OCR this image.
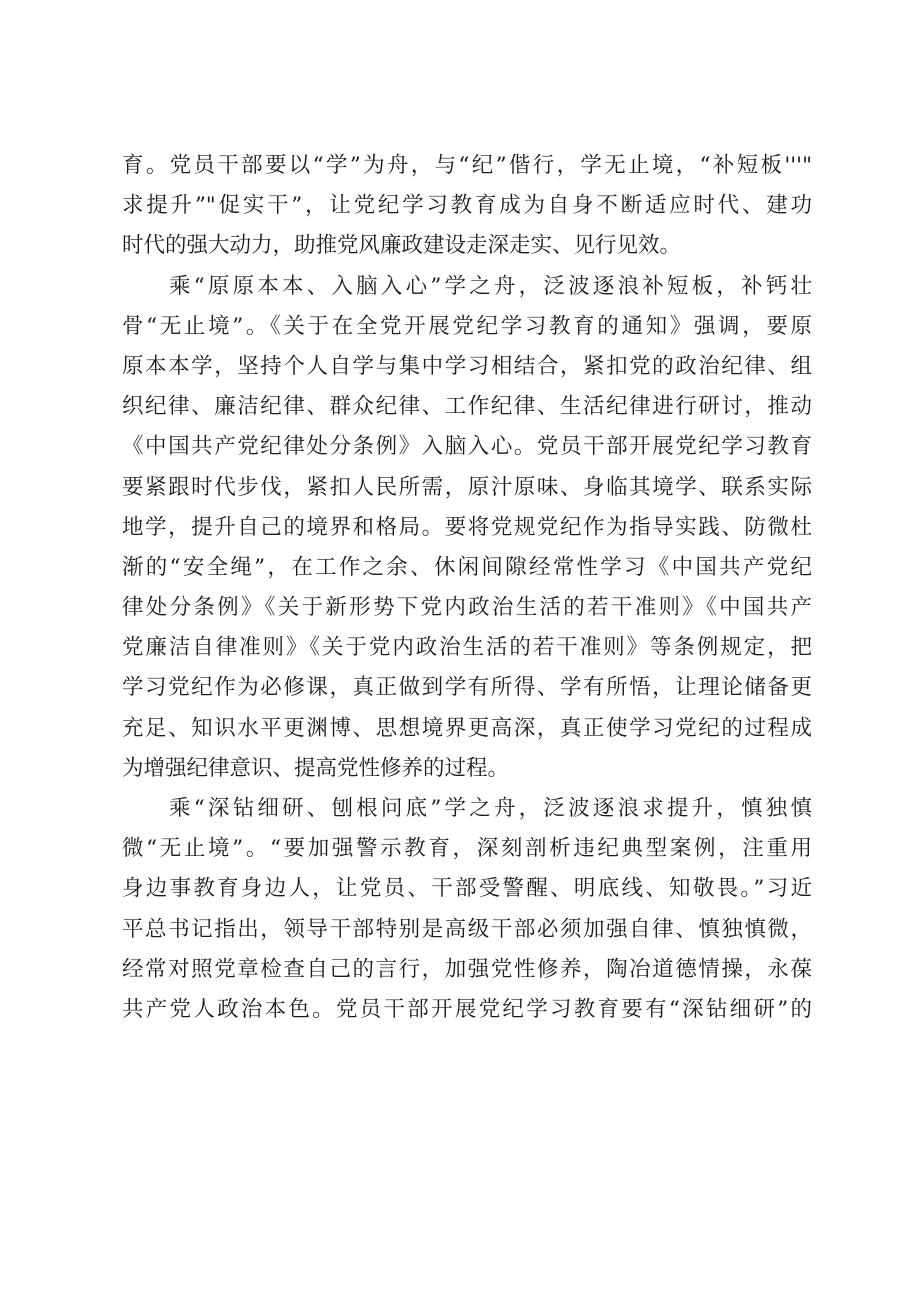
育。党员干部要以“学”为舟，与“纪”偕行，学无止境，“补短板'''"
求提升”"促实干”，让党纪学习教育成为自身不断适应时代、建功
时代的强大动力，助推党风廉政建设走深走实、见行见效。
乘“原原本本、入脑入心”学之舟，泛波逐浪补短板，补钙壮
骨“无止境”。《关于在全党开展党纪学习教育的通知》强调，要原
原本本学，坚持个人自学与集中学习相结合，紧扣党的政治纪律、组
织纪律、廉洁纪律、群众纪律、工作纪律、生活纪律进行研讨，推动
《中国共产党纪律处分条例》入脑入心。党员干部开展党纪学习教育
要紧跟时代步伐，紧扣人民所需，原汁原味、身临其境学、联系实际
地学，提升自己的境界和格局。要将党规党纪作为指导实践、防微杜
渐的“安全绳”，在工作之余、休闲间隙经常性学习《中国共产党纪
律处分条例》《关于新形势下党内政治生活的若干准则》《中国共产
党廉洁自律准则》《关于党内政治生活的若干准则》等条例规定，把
学习党纪作为必修课，真正做到学有所得、学有所悟，让理论储备更
充足、知识水平更渊博、思想境界更高深，真正使学习党纪的过程成
为增强纪律意识、提高党性修养的过程。
乘“深钻细研、刨根问底”学之舟，泛波逐浪求提升，慎独慎
微“无止境”。“要加强警示教育，深刻剖析违纪典型案例，注重用
身边事教育身边人，让党员、干部受警醒、明底线、知敬畏。”习近
平总书记指出，领导干部特别是高级干部必须加强自律、慎独慎微，
经常对照党章检查自己的言行，加强党性修养，陶冶道德情操，永葆
共产党人政治本色。党员干部开展党纪学习教育要有“深钻细研”的
